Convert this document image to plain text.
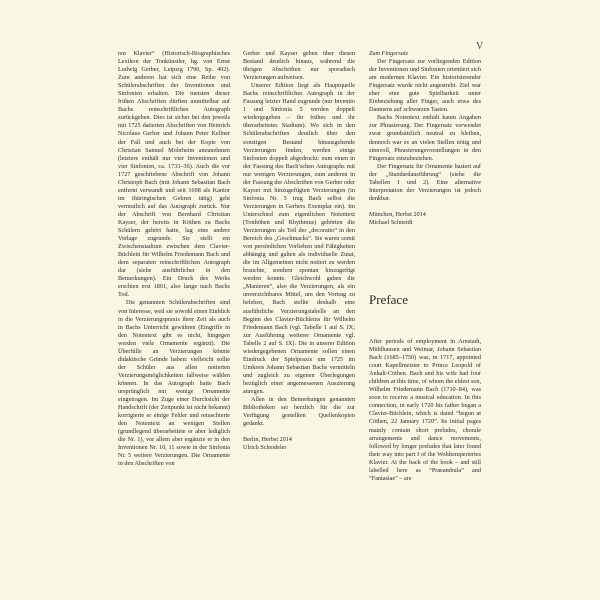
V

ren Klavier“ (Historisch-Biographisches Lexikon der Tonkünstler, hg. von Ernst Ludwig Gerber, Leipzig 1790, Sp. 492). Zum anderen hat sich eine Reihe von Schülerabschriften der Inventionen und Sinfonien erhalten. Die meisten dieser frühen Abschriften dürften unmittelbar auf Bachs reinschriftliches Autograph zurückgehen. Dies ist sicher bei den jeweils mit 1725 datierten Abschriften von Heinrich Nicolaus Gerber und Johann Peter Kellner der Fall und auch bei der Kopie von Christian Samuel Mohrheim anzunehmen (letztere enthält nur vier Inventionen und vier Sinfonien, ca. 1733–36). Auch die vor 1727 geschriebene Abschrift von Johann Christoph Bach (mit Johann Sebastian Bach entfernt verwandt und seit 1698 als Kantor im thüringischen Gehren tätig) geht vermutlich auf das Autograph zurück. Nur der Abschrift von Bernhard Christian Kayser, der bereits in Köthen zu Bachs Schülern gehört hatte, lag eine andere Vorlage zugrunde. Sie stellt ein Zwischenstadium zwischen dem Clavier-Büchlein für Wilhelm Friedemann Bach und dem separaten reinschriftlichen Autograph dar (siehe ausführlicher in den Bemerkungen). Ein Druck des Werks erschien erst 1801, also lange nach Bachs Tod.

Die genannten Schülerabschriften sind von Interesse, weil sie sowohl einen Einblick in die Verzierungspraxis ihrer Zeit als auch in Bachs Unterricht gewähren (Eingriffe in den Notentext gibt es nicht, hingegen werden viele Ornamente ergänzt). Die Überfülle an Verzierungen könnte didaktische Gründe haben: vielleicht sollte der Schüler aus allen notierten Verzierungsmöglichkeiten fallweise wählen können. In das Autograph hatte Bach ursprünglich nur wenige Ornamente eingetragen. Im Zuge einer Durchsicht der Handschrift (der Zeitpunkt ist nicht bekannt) korrigierte er einige Fehler und retuschierte den Notentext an wenigen Stellen (grundlegend überarbeitete er aber lediglich die Nr. 1), vor allem aber ergänzte er in den Inventionen Nr. 10, 11 sowie in der Sinfonia Nr. 5 weitere Verzierungen. Die Ornamente in den Abschriften von

Gerber und Kayser gehen über diesen Bestand deutlich hinaus, während die übrigen Abschriften nur sporadisch Verzierungen aufweisen.

Unserer Edition liegt als Hauptquelle Bachs reinschriftliches Autograph in der Fassung letzter Hand zugrunde (nur Inventio 1 und Sinfonia 5 werden doppelt wiedergegeben – ihr frühes und ihr überarbeitetes Stadium). Wo sich in den Schülerabschriften deutlich über den sonstigen Bestand hinausgehende Verzierungen finden, werden einige Sinfonien doppelt abgedruckt: zum einen in der Fassung des Bach’schen Autographs mit nur wenigen Verzierungen, zum anderen in der Fassung der Abschriften von Gerber oder Kayser mit hinzugefügten Verzierungen (in Sinfonia Nr. 5 trug Bach selbst die Verzierungen in Gerbers Exemplar ein). Im Unterschied zum eigentlichen Notentext (Tonhöhen und Rhythmus) gehörten die Verzierungen als Teil der „decoratio“ in den Bereich des „Geschmacks“. Sie waren somit von persönlichen Vorlieben und Fähigkeiten abhängig und galten als individuelle Zutat, die im Allgemeinen nicht notiert zu werden brauchte, sondern spontan hinzugefügt werden konnte. Gleichwohl gaben die „Manieren“, also die Verzierungen, als ein unverzichtbares Mittel, um den Vortrag zu beleben, Bach stellte deshalb eine ausführliche Verzierungstabelle an den Beginn des Clavier-Büchleins für Wilhelm Friedemann Bach (vgl. Tabelle 1 auf S. IX; zur Ausführung weiterer Ornamente vgl. Tabelle 2 auf S. IX). Die in unserer Edition wiedergegebenen Ornamente sollen einen Eindruck der Spielpraxis um 1725 im Umkreis Johann Sebastian Bachs vermitteln und zugleich zu eigenen Überlegungen bezüglich einer angemessenen Auszierung anregen.

Allen in den Bemerkungen genannten Bibliotheken sei herzlich für die zur Verfügung gestellten Quellenkopien gedankt.

Berlin, Herbst 2014

Ulrich Scheideler

Zum Fingersatz

Der Fingersatz zur vorliegenden Edition der Inventionen und Sinfonien orientiert sich am modernen Klavier. Ein historisierender Fingersatz wurde nicht angestrebt. Ziel war eher eine gute Spielbarkeit unter Einbeziehung aller Finger, auch etwa des Daumens auf schwarzen Tasten.

Bachs Notentext enthält kaum Angaben zur Phrasierung. Der Fingersatz verwendet zwar grundsätzlich neutral zu bleiben, dennoch war es an vielen Stellen nötig und sinnvoll, Phrasierungsvorstellungen in den Fingersatz einzubeziehen.

Der Fingersatz für Ornamente basiert auf der „Standardausführung“ (siehe die Tabellen 1 und 2). Eine alternative Interpretation der Verzierungen ist jedoch denkbar.

München, Herbst 2014

Michael Schneidt

Preface

After periods of employment in Arnstadt, Mühlhausen and Weimar, Johann Sebastian Bach (1685–1750) was, in 1717, appointed court Kapellmeister to Prince Leopold of Anhalt-Cöthen. Bach and his wife had four children at this time, of whom the eldest son, Wilhelm Friedemann Bach (1710–84), was soon to receive a musical education. In this connection, in early 1720 his father began a Clavier-Büchlein, which is dated “begun at Cöthen, 22 January 1720”. Its initial pages mainly contain short preludes, chorale arrangements and dance movements, followed by longer preludes that later found their way into part I of the Wohltemperiertes Klavier. At the back of the book – and still labelled here as “Praeambula” and “Fantasiae” – are
